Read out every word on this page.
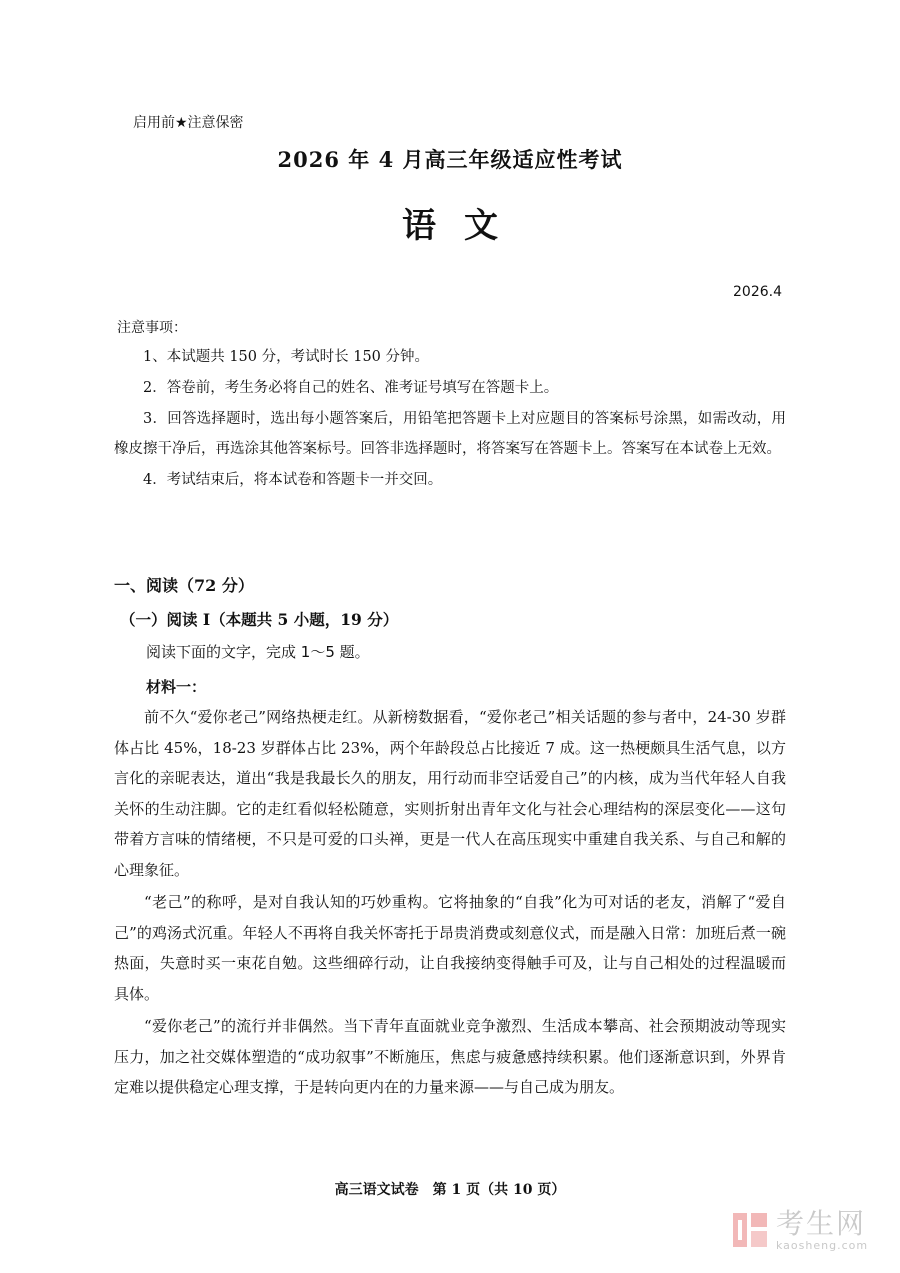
启用前★注意保密
2026 年 4 月高三年级适应性考试
语文
2026.4
注意事项：

1、本试题共 150 分，考试时长 150 分钟。

2．答卷前，考生务必将自己的姓名、准考证号填写在答题卡上。

3．回答选择题时，选出每小题答案后，用铅笔把答题卡上对应题目的答案标号涂黑，如需改动，用橡皮擦干净后，再选涂其他答案标号。回答非选择题时，将答案写在答题卡上。答案写在本试卷上无效。

4．考试结束后，将本试卷和答题卡一并交回。

一、阅读（72 分）
（一）阅读 I（本题共 5 小题，19 分）
阅读下面的文字，完成 1～5 题。
材料一：

前不久“爱你老己”网络热梗走红。从新榜数据看，“爱你老己”相关话题的参与者中，24-30 岁群体占比 45%，18-23 岁群体占比 23%，两个年龄段总占比接近 7 成。这一热梗颇具生活气息，以方言化的亲昵表达，道出“我是我最长久的朋友，用行动而非空话爱自己”的内核，成为当代年轻人自我关怀的生动注脚。它的走红看似轻松随意，实则折射出青年文化与社会心理结构的深层变化——这句带着方言味的情绪梗，不只是可爱的口头禅，更是一代人在高压现实中重建自我关系、与自己和解的心理象征。

“老己”的称呼，是对自我认知的巧妙重构。它将抽象的“自我”化为可对话的老友，消解了“爱自己”的鸡汤式沉重。年轻人不再将自我关怀寄托于昂贵消费或刻意仪式，而是融入日常：加班后煮一碗热面，失意时买一束花自勉。这些细碎行动，让自我接纳变得触手可及，让与自己相处的过程温暖而具体。

“爱你老己”的流行并非偶然。当下青年直面就业竞争激烈、生活成本攀高、社会预期波动等现实压力，加之社交媒体塑造的“成功叙事”不断施压，焦虑与疲惫感持续积累。他们逐渐意识到，外界肯定难以提供稳定心理支撑，于是转向更内在的力量来源——与自己成为朋友。

高三语文试卷　第 1 页（共 10 页）
考生网
kaosheng.com
